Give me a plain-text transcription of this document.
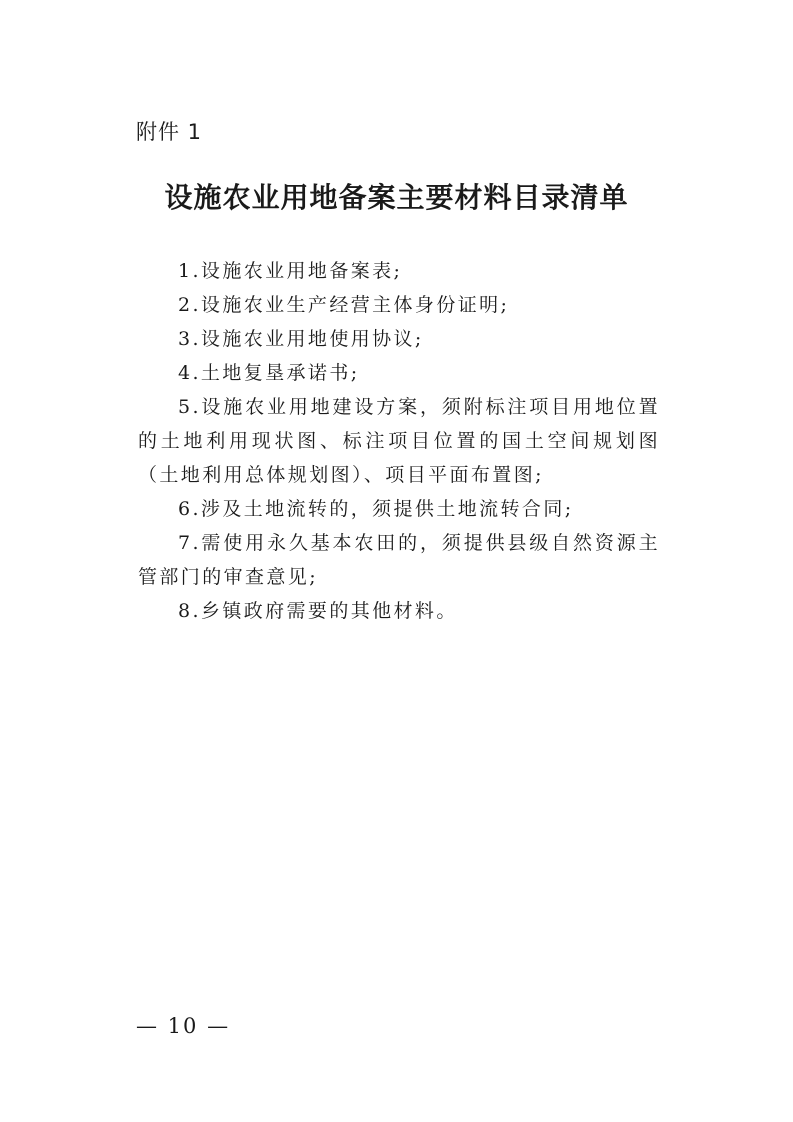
附件 1
设施农业用地备案主要材料目录清单
1.设施农业用地备案表;
2.设施农业生产经营主体身份证明;
3.设施农业用地使用协议;
4.土地复垦承诺书;
5.设施农业用地建设方案，须附标注项目用地位置的土地利用现状图、标注项目位置的国土空间规划图（土地利用总体规划图）、项目平面布置图;
6.涉及土地流转的，须提供土地流转合同;
7.需使用永久基本农田的，须提供县级自然资源主管部门的审查意见;
8.乡镇政府需要的其他材料。
— 10 —
